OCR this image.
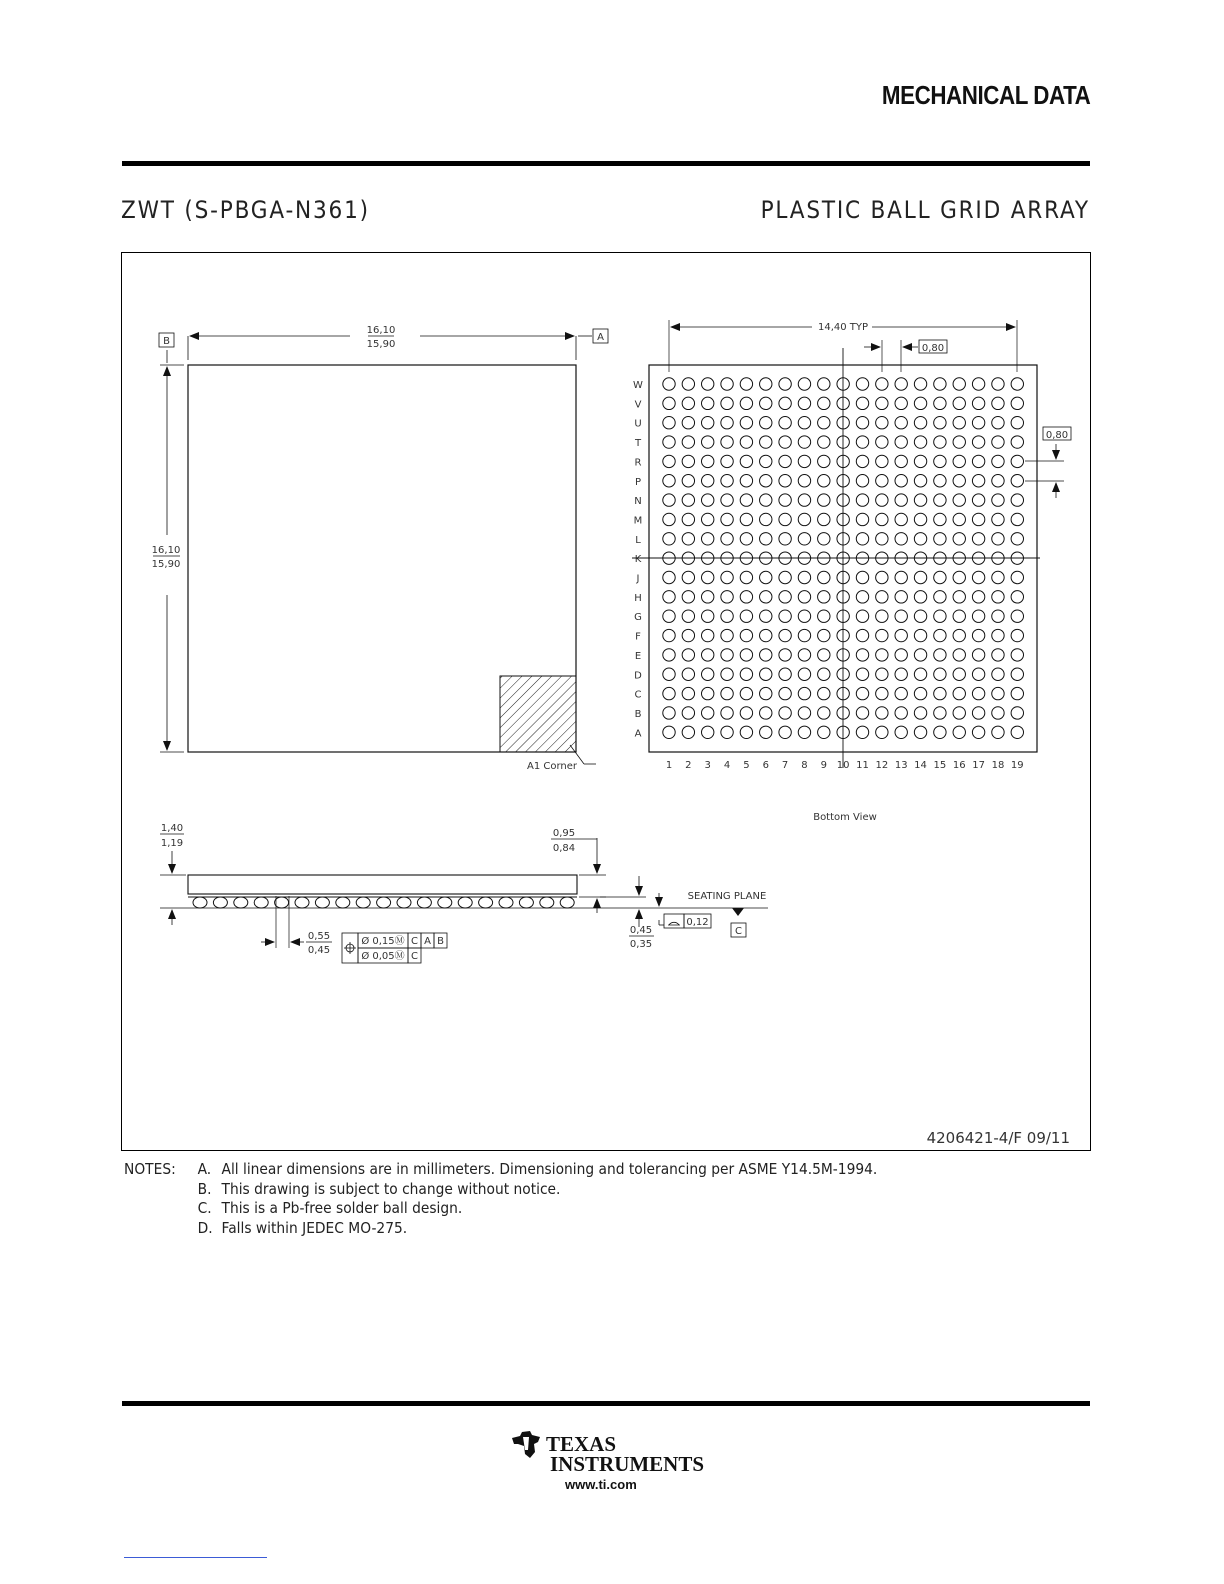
MECHANICAL DATA
ZWT (S-PBGA-N361)	PLASTIC BALL GRID ARRAY
B	A
16,10
15,90
16,10
15,90
A1 Corner
W
V
U
T
R
P
N
M
L
K
J
H
G
F
E
D
C
B
A
1 2 3 4 5 6 7 8 9 10 11 12 13 14 15 16 17 18 19
14,40 TYP
0,80
0,80
Bottom View
1,40
1,19
0,95
0,84
0,55
0,45
Ø 0,15Ⓜ C A B
Ø 0,05Ⓜ C
0,45
0,35
0,12
SEATING PLANE
C
4206421-4/F 09/11
NOTES: A. All linear dimensions are in millimeters. Dimensioning and tolerancing per ASME Y14.5M-1994.
B. This drawing is subject to change without notice.
C. This is a Pb-free solder ball design.
D. Falls within JEDEC MO-275.
TEXAS
INSTRUMENTS
www.ti.com
